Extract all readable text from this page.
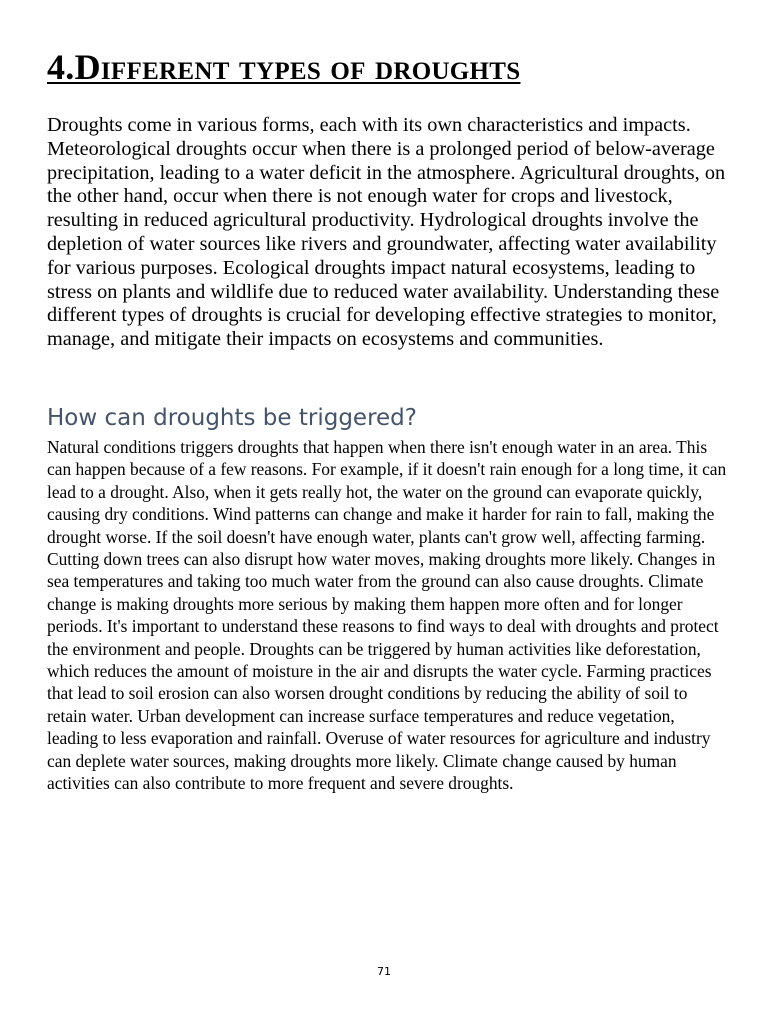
4.Different types of droughts

Droughts come in various forms, each with its own characteristics and impacts. Meteorological droughts occur when there is a prolonged period of below-average precipitation, leading to a water deficit in the atmosphere. Agricultural droughts, on the other hand, occur when there is not enough water for crops and livestock, resulting in reduced agricultural productivity. Hydrological droughts involve the depletion of water sources like rivers and groundwater, affecting water availability for various purposes. Ecological droughts impact natural ecosystems, leading to stress on plants and wildlife due to reduced water availability. Understanding these different types of droughts is crucial for developing effective strategies to monitor, manage, and mitigate their impacts on ecosystems and communities.

How can droughts be triggered?

Natural conditions triggers droughts that happen when there isn't enough water in an area. This can happen because of a few reasons. For example, if it doesn't rain enough for a long time, it can lead to a drought. Also, when it gets really hot, the water on the ground can evaporate quickly, causing dry conditions. Wind patterns can change and make it harder for rain to fall, making the drought worse. If the soil doesn't have enough water, plants can't grow well, affecting farming. Cutting down trees can also disrupt how water moves, making droughts more likely. Changes in sea temperatures and taking too much water from the ground can also cause droughts. Climate change is making droughts more serious by making them happen more often and for longer periods. It's important to understand these reasons to find ways to deal with droughts and protect the environment and people. Droughts can be triggered by human activities like deforestation, which reduces the amount of moisture in the air and disrupts the water cycle. Farming practices that lead to soil erosion can also worsen drought conditions by reducing the ability of soil to retain water. Urban development can increase surface temperatures and reduce vegetation, leading to less evaporation and rainfall. Overuse of water resources for agriculture and industry can deplete water sources, making droughts more likely. Climate change caused by human activities can also contribute to more frequent and severe droughts.

71
